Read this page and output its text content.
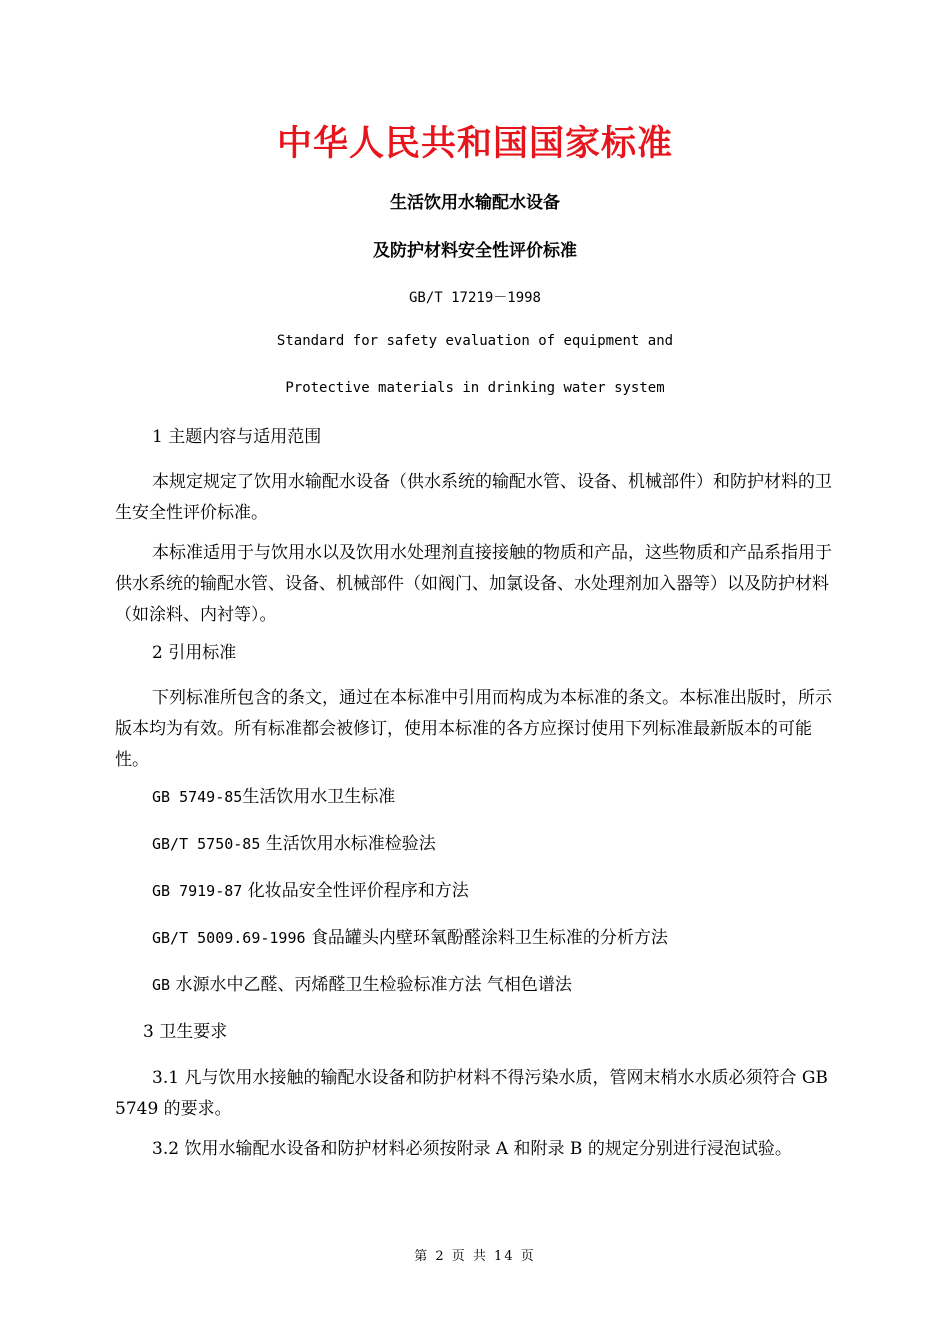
中华人民共和国国家标准
生活饮用水输配水设备
及防护材料安全性评价标准
GB/T 17219－1998
Standard for safety evaluation of equipment and
Protective materials in drinking water system
1 主题内容与适用范围
本规定规定了饮用水输配水设备（供水系统的输配水管、设备、机械部件）和防护材料的卫生安全性评价标准。
本标准适用于与饮用水以及饮用水处理剂直接接触的物质和产品，这些物质和产品系指用于供水系统的输配水管、设备、机械部件（如阀门、加氯设备、水处理剂加入器等）以及防护材料（如涂料、内衬等）。
2 引用标准
下列标准所包含的条文，通过在本标准中引用而构成为本标准的条文。本标准出版时，所示版本均为有效。所有标准都会被修订，使用本标准的各方应探讨使用下列标准最新版本的可能性。
GB 5749-85生活饮用水卫生标准
GB/T 5750-85 生活饮用水标准检验法
GB 7919-87 化妆品安全性评价程序和方法
GB/T 5009.69-1996 食品罐头内壁环氧酚醛涂料卫生标准的分析方法
GB 水源水中乙醛、丙烯醛卫生检验标准方法 气相色谱法
3 卫生要求
3.1 凡与饮用水接触的输配水设备和防护材料不得污染水质，管网末梢水水质必须符合 GB 5749 的要求。
3.2 饮用水输配水设备和防护材料必须按附录 A 和附录 B 的规定分别进行浸泡试验。
第 2 页 共 14 页
